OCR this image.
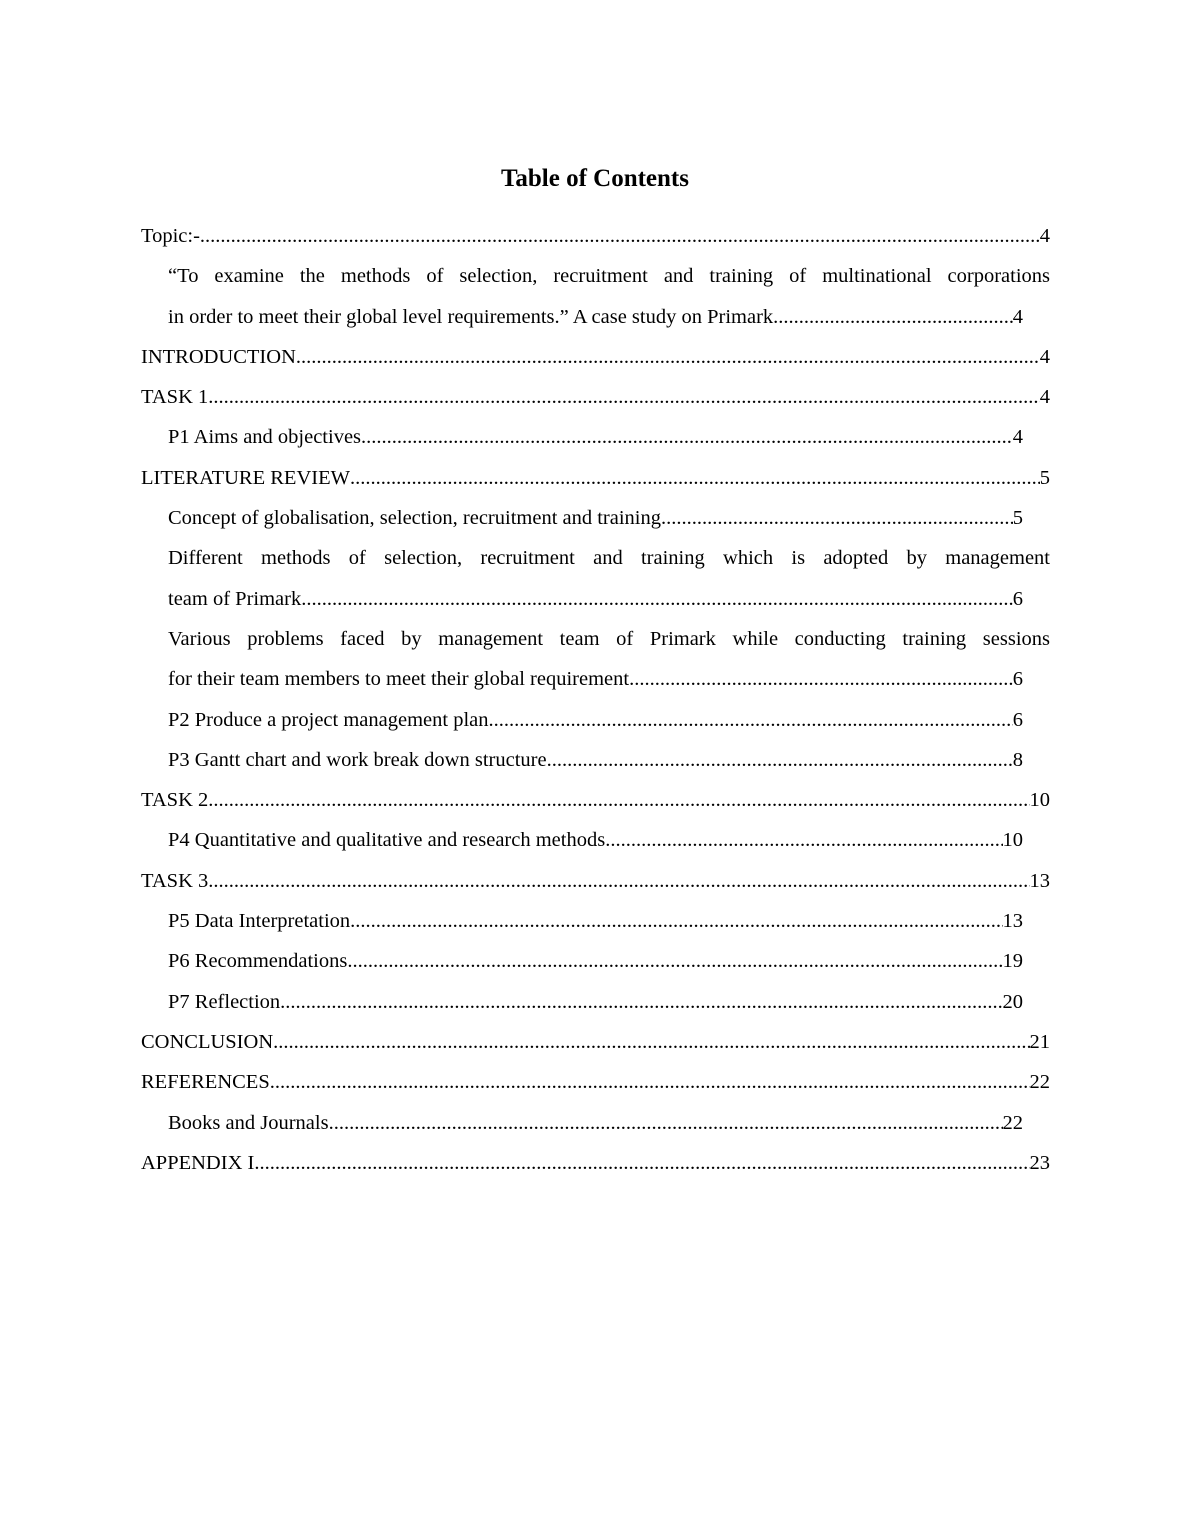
Table of Contents
Topic:- .....	4
“To examine the methods of selection, recruitment and training of multinational corporations
in order to meet their global level requirements.” A case study on Primark .....	4
INTRODUCTION .....	4
TASK 1 .....	4
P1 Aims and objectives .....	4
LITERATURE REVIEW .....	5
Concept of globalisation, selection, recruitment and training .....	5
Different methods of selection, recruitment and training which is adopted by management
team of Primark .....	6
Various problems faced by management team of Primark while conducting training sessions
for their team members to meet their global requirement .....	6
P2 Produce a project management plan .....	6
P3 Gantt chart and work break down structure .....	8
TASK 2 .....	10
P4 Quantitative and qualitative and research methods .....	10
TASK 3 .....	13
P5 Data Interpretation .....	13
P6 Recommendations .....	19
P7 Reflection .....	20
CONCLUSION .....	21
REFERENCES .....	22
Books and Journals .....	22
APPENDIX I .....	23
